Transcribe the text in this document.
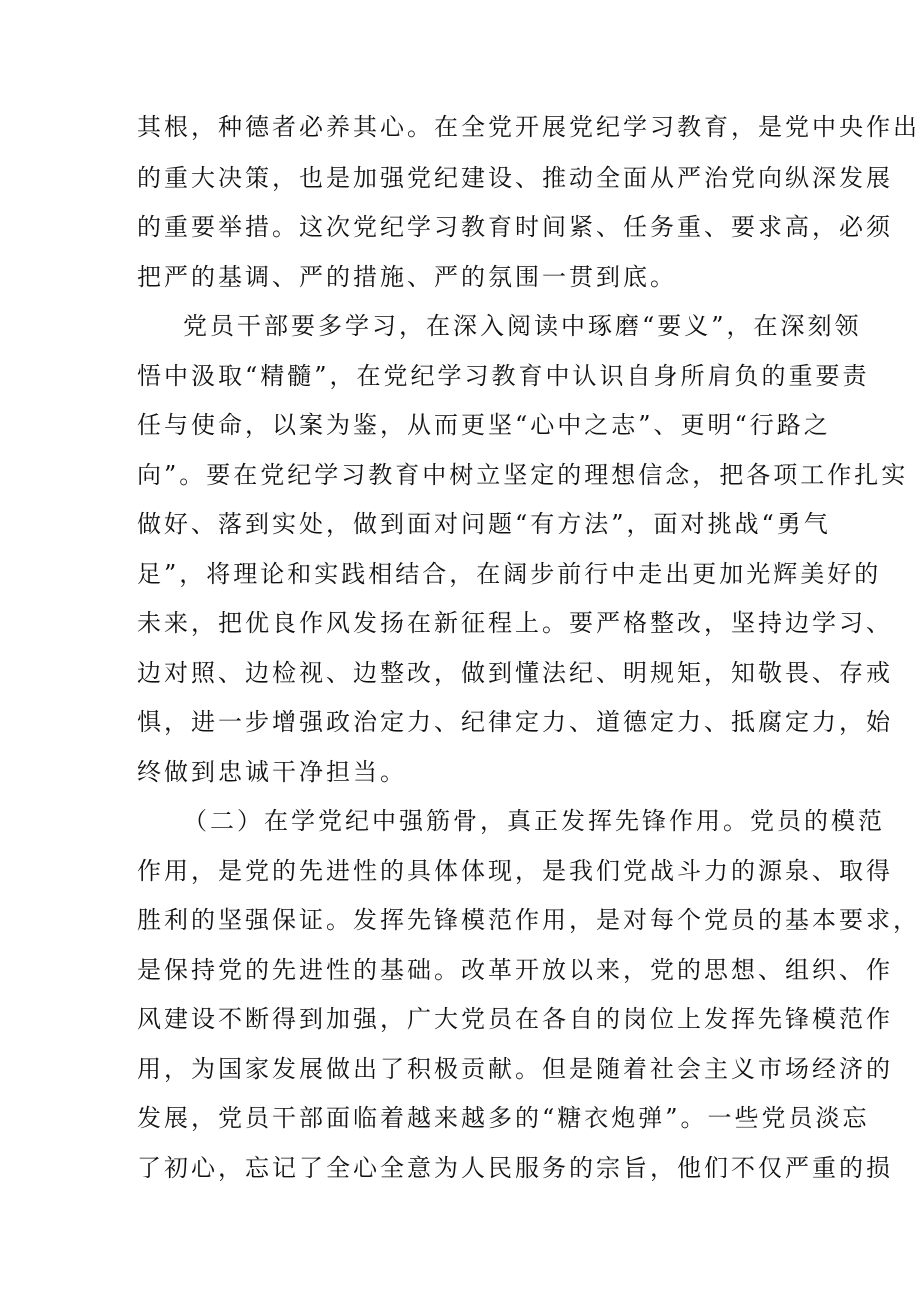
其根，种德者必养其心。在全党开展党纪学习教育，是党中央作出
的重大决策，也是加强党纪建设、推动全面从严治党向纵深发展
的重要举措。这次党纪学习教育时间紧、任务重、要求高，必须
把严的基调、严的措施、严的氛围一贯到底。
党员干部要多学习，在深入阅读中琢磨“要义”，在深刻领
悟中汲取“精髓”，在党纪学习教育中认识自身所肩负的重要责
任与使命，以案为鉴，从而更坚“心中之志”、更明“行路之
向”。要在党纪学习教育中树立坚定的理想信念，把各项工作扎实
做好、落到实处，做到面对问题“有方法”，面对挑战“勇气
足”，将理论和实践相结合，在阔步前行中走出更加光辉美好的
未来，把优良作风发扬在新征程上。要严格整改，坚持边学习、
边对照、边检视、边整改，做到懂法纪、明规矩，知敬畏、存戒
惧，进一步增强政治定力、纪律定力、道德定力、抵腐定力，始
终做到忠诚干净担当。
（二）在学党纪中强筋骨，真正发挥先锋作用。党员的模范
作用，是党的先进性的具体体现，是我们党战斗力的源泉、取得
胜利的坚强保证。发挥先锋模范作用，是对每个党员的基本要求，
是保持党的先进性的基础。改革开放以来，党的思想、组织、作
风建设不断得到加强，广大党员在各自的岗位上发挥先锋模范作
用，为国家发展做出了积极贡献。但是随着社会主义市场经济的
发展，党员干部面临着越来越多的“糖衣炮弹”。一些党员淡忘
了初心，忘记了全心全意为人民服务的宗旨，他们不仅严重的损
